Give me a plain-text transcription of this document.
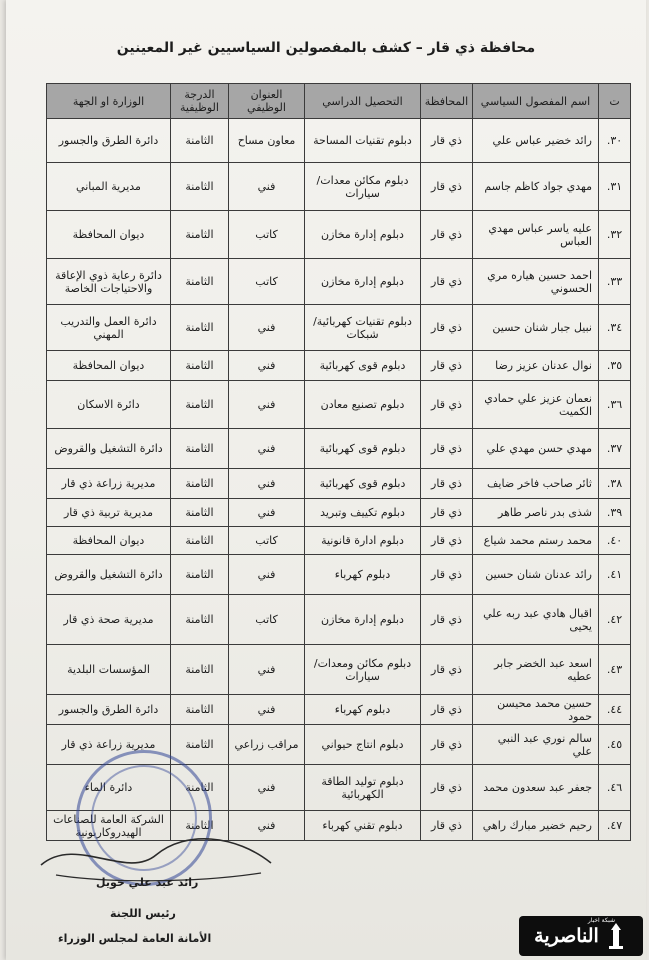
محافظة ذي قار – كشف بالمفصولين السياسيين غير المعينين
ت	اسم المفصول السياسي	المحافظة	التحصيل الدراسي	العنوان الوظيفي	الدرجة الوظيفية	الوزارة او الجهة
٣٠.	رائد خضير عباس علي	ذي قار	دبلوم تقنيات المساحة	معاون مساح	الثامنة	دائرة الطرق والجسور
٣١.	مهدي جواد كاظم جاسم	ذي قار	دبلوم مكائن معدات/ سيارات	فني	الثامنة	مديرية المباني
٣٢.	عليه ياسر عباس مهدي العباس	ذي قار	دبلوم إدارة مخازن	كاتب	الثامنة	ديوان المحافظة
٣٣.	احمد حسين هياره مري الحسوني	ذي قار	دبلوم إدارة مخازن	كاتب	الثامنة	دائرة رعاية ذوي الإعاقة والاحتياجات الخاصة
٣٤.	نبيل جبار شنان حسين	ذي قار	دبلوم تقنيات كهربائية/ شبكات	فني	الثامنة	دائرة العمل والتدريب المهني
٣٥.	نوال عدنان عزيز رضا	ذي قار	دبلوم قوى كهربائية	فني	الثامنة	ديوان المحافظة
٣٦.	نعمان عزيز علي حمادي الكميت	ذي قار	دبلوم تصنيع معادن	فني	الثامنة	دائرة الاسكان
٣٧.	مهدي حسن مهدي علي	ذي قار	دبلوم قوى كهربائية	فني	الثامنة	دائرة التشغيل والقروض
٣٨.	ثائر صاحب فاخر ضايف	ذي قار	دبلوم قوى كهربائية	فني	الثامنة	مديرية زراعة ذي قار
٣٩.	شذى بدر ناصر طاهر	ذي قار	دبلوم تكييف وتبريد	فني	الثامنة	مديرية تربية ذي قار
٤٠.	محمد رستم محمد شياع	ذي قار	دبلوم ادارة قانونية	كاتب	الثامنة	ديوان المحافظة
٤١.	رائد عدنان شنان حسين	ذي قار	دبلوم كهرباء	فني	الثامنة	دائرة التشغيل والقروض
٤٢.	اقبال هادي عبد ربه علي يحيى	ذي قار	دبلوم إدارة مخازن	كاتب	الثامنة	مديرية صحة ذي قار
٤٣.	اسعد عبد الخضر جابر عطيه	ذي قار	دبلوم مكائن ومعدات/ سيارات	فني	الثامنة	المؤسسات البلدية
٤٤.	حسين محمد محيسن حمود	ذي قار	دبلوم كهرباء	فني	الثامنة	دائرة الطرق والجسور
٤٥.	سالم نوري عبد النبي علي	ذي قار	دبلوم انتاج حيواني	مراقب زراعي	الثامنة	مديرية زراعة ذي قار
٤٦.	جعفر عبد سعدون محمد	ذي قار	دبلوم توليد الطاقة الكهربائية	فني	الثامنة	دائرة الماء
٤٧.	رحيم خضير مبارك راهي	ذي قار	دبلوم تقني كهرباء	فني	الثامنة	الشركة العامة للصناعات الهيدروكاربونية
رائد عبد علي حويل
رئيس اللجنة
الأمانة العامة لمجلس الوزراء
شبكة اخبار
الناصرية
